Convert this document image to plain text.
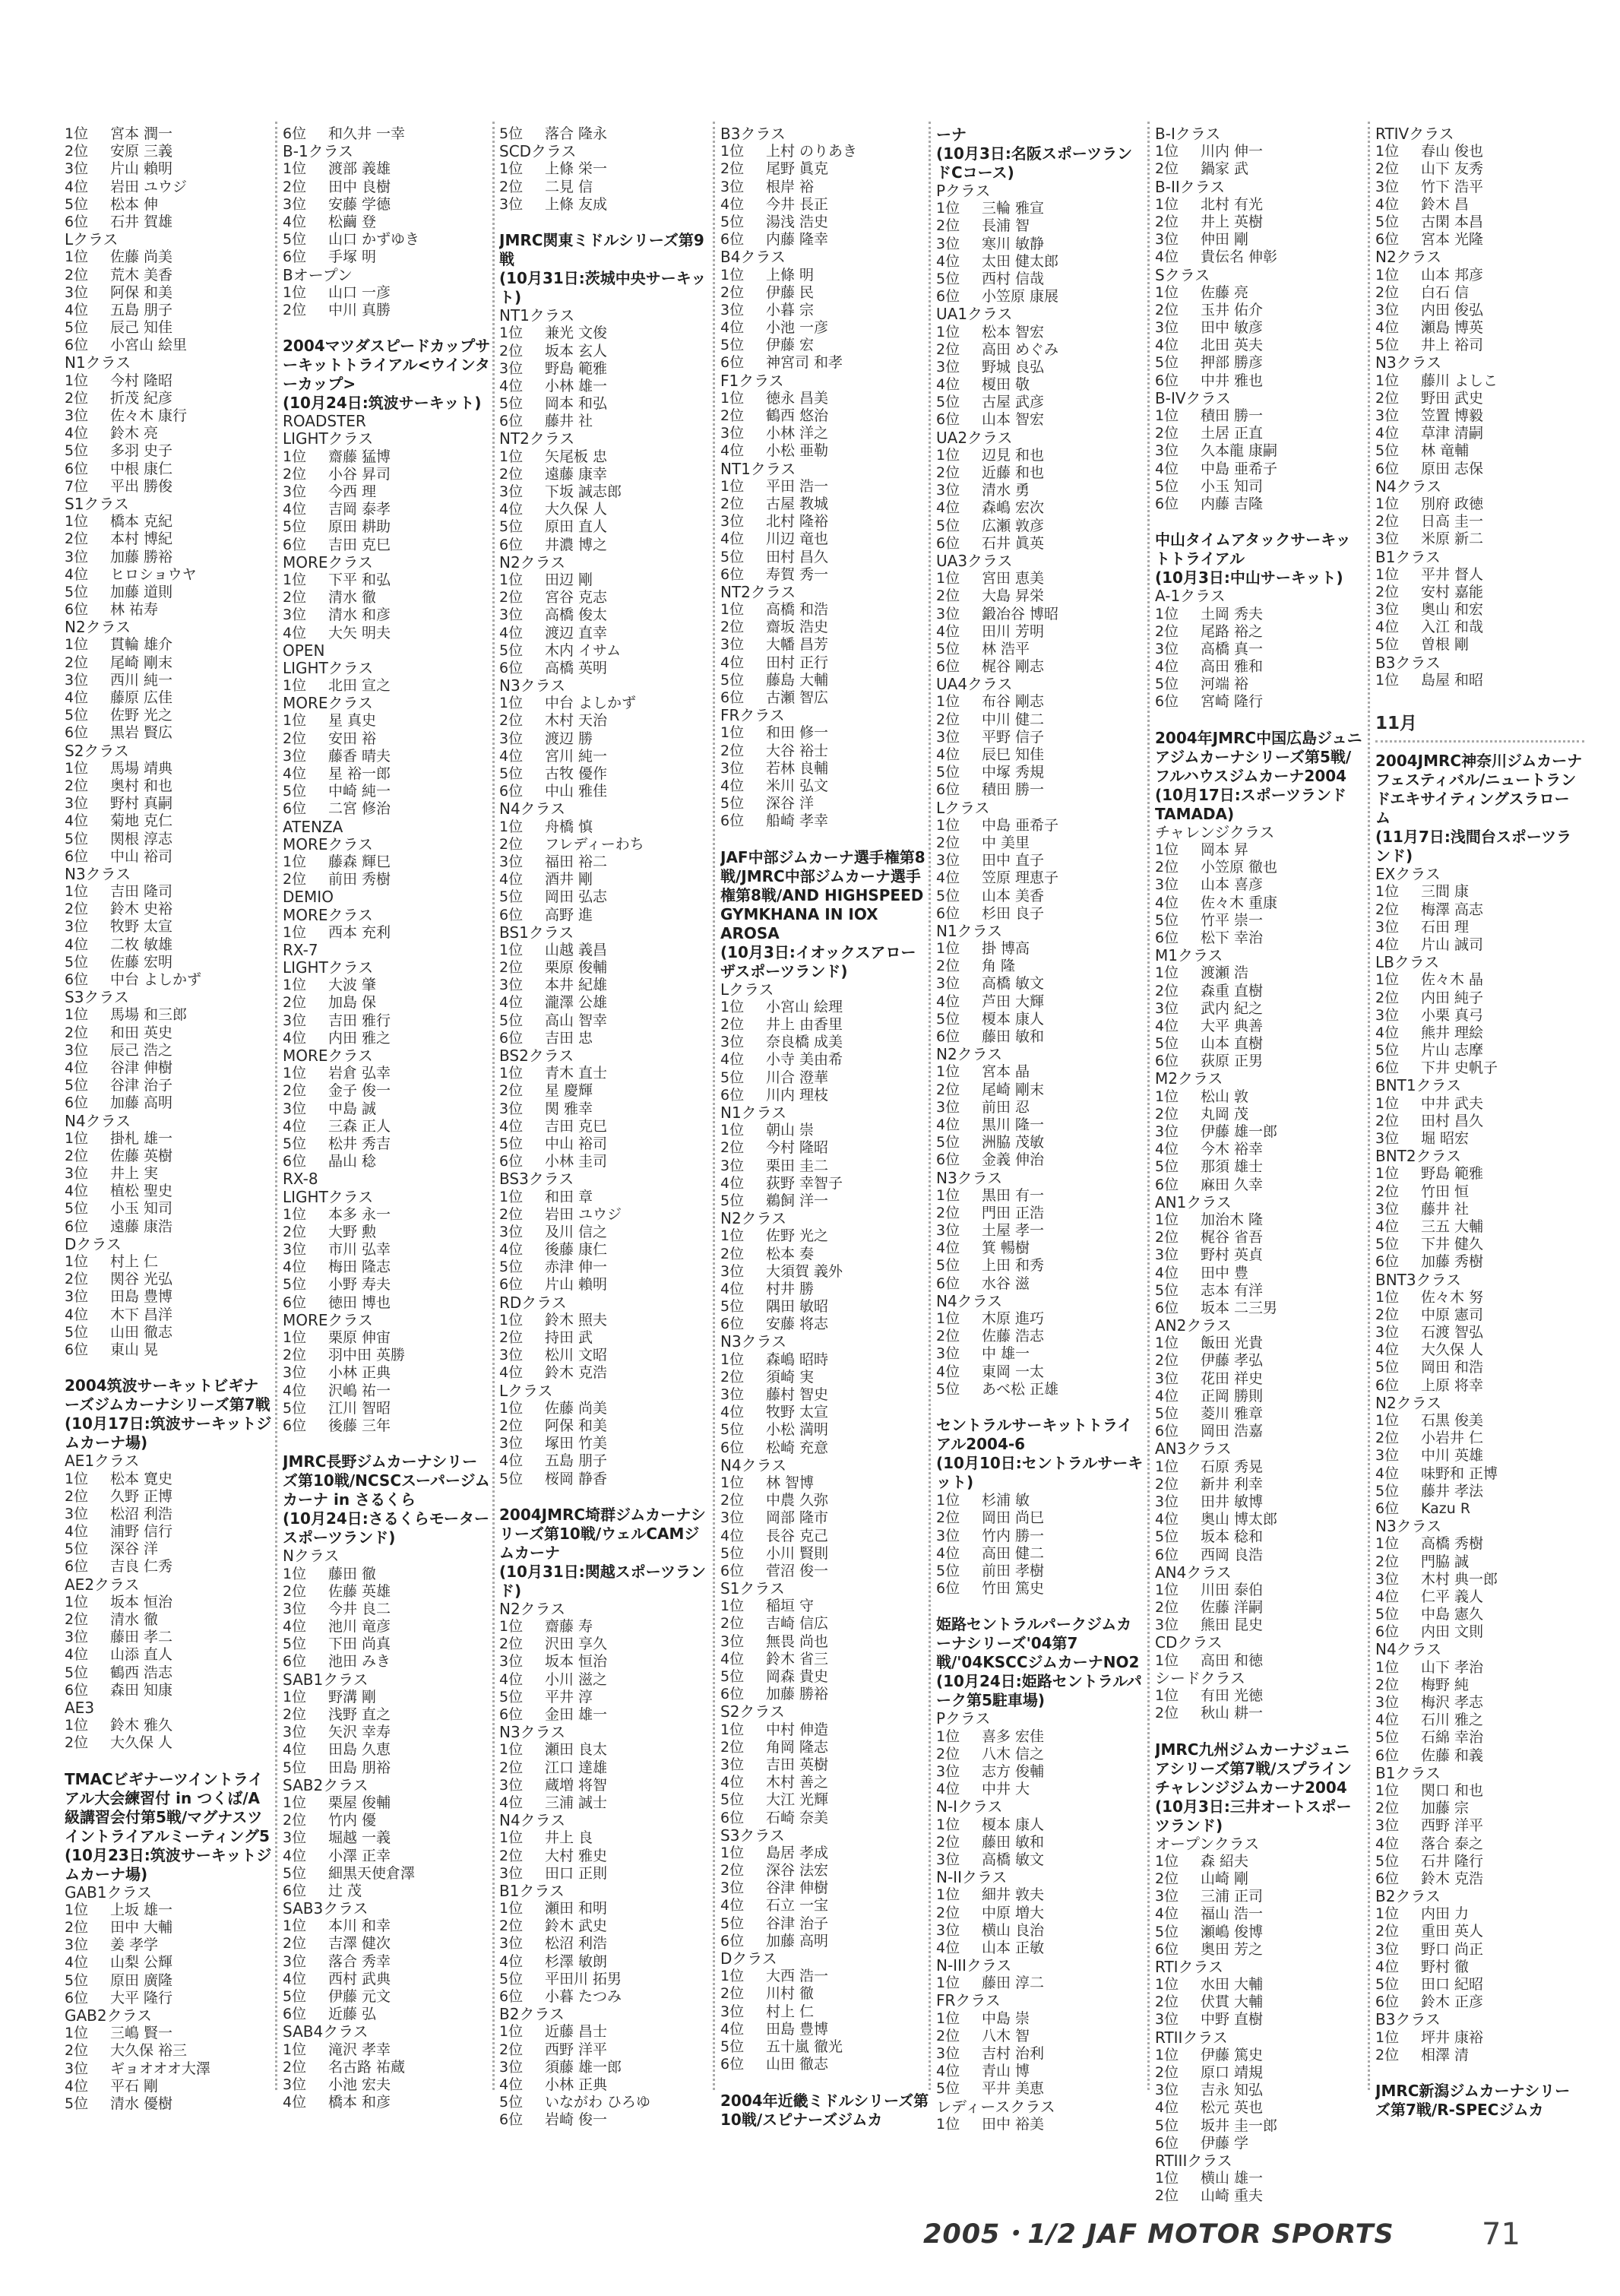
1位 宮本 潤一
2位 安原 三義
3位 片山 賴明
4位 岩田 ユウジ
5位 松本 伸
6位 石井 賀雄
Lクラス
1位 佐藤 尚美
2位 荒木 美香
3位 阿保 和美
4位 五島 朋子
5位 辰己 知佳
6位 小宮山 絵里
N1クラス
1位 今村 隆昭
2位 折茂 紀彦
3位 佐々木 康行
4位 鈴木 亮
5位 多羽 史子
6位 中根 康仁
7位 平出 勝俊
S1クラス
1位 橋本 克紀
2位 本村 博紀
3位 加藤 勝裕
4位 ヒロショウヤ
5位 加藤 道則
6位 林 祐寿
N2クラス
1位 貫輪 雄介
2位 尾崎 剛末
3位 西川 純一
4位 藤原 広佳
5位 佐野 光之
6位 黒岩 賢広
S2クラス
1位 馬場 靖典
2位 奥村 和也
3位 野村 真嗣
4位 菊地 克仁
5位 関根 淳志
6位 中山 裕司
N3クラス
1位 吉田 隆司
2位 鈴木 史裕
3位 牧野 太宣
4位 二枚 敏雄
5位 佐藤 宏明
6位 中台 よしかず
S3クラス
1位 馬場 和三郎
2位 和田 英史
3位 辰己 浩之
4位 谷津 伸樹
5位 谷津 治子
6位 加藤 高明
N4クラス
1位 掛札 雄一
2位 佐藤 英樹
3位 井上 実
4位 植松 聖史
5位 小玉 知司
6位 遠藤 康浩
Dクラス
1位 村上 仁
2位 関谷 光弘
3位 田島 豊博
4位 木下 昌洋
5位 山田 徹志
6位 東山 晃
2004筑波サーキットビギナーズジムカーナシリーズ第7戦
(10月17日:筑波サーキットジムカーナ場)
AE1クラス
1位 松本 寛史
2位 久野 正博
3位 松沼 利浩
4位 浦野 信行
5位 深谷 洋
6位 吉良 仁秀
AE2クラス
1位 坂本 恒治
2位 清水 徹
3位 藤田 孝二
4位 山添 直人
5位 鶴西 浩志
6位 森田 知康
AE3
1位 鈴木 雅久
2位 大久保 人
TMACビギナーツイントライアル大会練習付 in つくば/A級講習会付第5戦/マグナスツイントライアルミーティング5
(10月23日:筑波サーキットジムカーナ場)
GAB1クラス
1位 上坂 雄一
2位 田中 大輔
3位 姜 孝学
4位 山梨 公輝
5位 原田 廣隆
6位 大平 隆行
GAB2クラス
1位 三嶋 賢一
2位 大久保 裕三
3位 ギョオオオ大澤
4位 平石 剛
5位 清水 優樹
6位 和久井 一幸
B-1クラス
1位 渡部 義雄
2位 田中 良樹
3位 安藤 学德
4位 松繭 登
5位 山口 かずゆき
6位 手塚 明
Bオープン
1位 山口 一彦
2位 中川 真勝
2004マツダスピードカップサーキットトライアル<ウインターカップ>
(10月24日:筑波サーキット)
ROADSTER
LIGHTクラス
1位 齋藤 猛博
2位 小谷 昇司
3位 今西 理
4位 吉岡 泰孝
5位 原田 耕助
6位 吉田 克巳
MOREクラス
1位 下平 和弘
2位 清水 徹
3位 清水 和彦
4位 大矢 明夫
OPEN
LIGHTクラス
1位 北田 宣之
MOREクラス
1位 星 真史
2位 安田 裕
3位 藤香 晴夫
4位 星 裕一郎
5位 中崎 純一
6位 二宮 修治
ATENZA
MOREクラス
1位 藤森 輝巳
2位 前田 秀樹
DEMIO
MOREクラス
1位 西本 充利
RX-7
LIGHTクラス
1位 大波 肇
2位 加島 保
3位 吉田 雅行
4位 内田 雅之
MOREクラス
1位 岩倉 弘幸
2位 金子 俊一
3位 中島 誠
4位 三森 正人
5位 松井 秀吉
6位 晶山 稔
RX-8
LIGHTクラス
1位 本多 永一
2位 大野 勲
3位 市川 弘幸
4位 梅田 隆志
5位 小野 寿夫
6位 徳田 博也
MOREクラス
1位 栗原 伸宙
2位 羽中田 英勝
3位 小林 正典
4位 沢嶋 祐一
5位 江川 智昭
6位 後藤 三年
JMRC長野ジムカーナシリーズ第10戦/NCSCスーパージムカーナ in さるくら
(10月24日:さるくらモータースポーツランド)
Nクラス
1位 藤田 徹
2位 佐藤 英雄
3位 今井 良二
4位 池川 竜彦
5位 下田 尚真
6位 池田 みき
SAB1クラス
1位 野溝 剛
2位 浅野 直之
3位 矢沢 幸寿
4位 田島 久恵
5位 田島 朋裕
SAB2クラス
1位 栗屋 俊輔
2位 竹内 優
3位 堀越 一義
4位 小澤 正幸
5位 細黒天使倉澤
6位 辻 茂
SAB3クラス
1位 本川 和幸
2位 吉澤 健次
3位 落合 秀幸
4位 西村 武典
5位 伊藤 元文
6位 近藤 弘
SAB4クラス
1位 滝沢 孝幸
2位 名古路 祐蔵
3位 小池 宏夫
4位 橋本 和彦
5位 落合 隆永
SCDクラス
1位 上條 栄一
2位 二見 信
3位 上條 友成
JMRC関東ミドルシリーズ第9戦
(10月31日:茨城中央サーキット)
NT1クラス
1位 兼光 文俊
2位 坂本 玄人
3位 野島 範雅
4位 小林 雄一
5位 岡本 和弘
6位 藤井 社
NT2クラス
1位 矢尾板 忠
2位 遠藤 康幸
3位 下坂 誠志郎
4位 大久保 人
5位 原田 直人
6位 井濃 博之
N2クラス
1位 田辺 剛
2位 宮谷 克志
3位 高橋 俊太
4位 渡辺 直幸
5位 木内 イサム
6位 高橋 英明
N3クラス
1位 中台 よしかず
2位 木村 天治
3位 渡辺 勝
4位 宮川 純一
5位 古牧 優作
6位 中山 雅佳
N4クラス
1位 舟橋 慎
2位 フレディーわち
3位 福田 裕二
4位 酒井 剛
5位 岡田 弘志
6位 高野 進
BS1クラス
1位 山越 義昌
2位 栗原 俊輔
3位 本井 紀雄
4位 瀧澤 公雄
5位 高山 智幸
6位 吉田 忠
BS2クラス
1位 青木 直士
2位 星 慶輝
3位 関 雅幸
4位 吉田 克巳
5位 中山 裕司
6位 小林 圭司
BS3クラス
1位 和田 章
2位 岩田 ユウジ
3位 及川 信之
4位 後藤 康仁
5位 赤津 伸一
6位 片山 賴明
RDクラス
1位 鈴木 照夫
2位 持田 武
3位 松川 文昭
4位 鈴木 克浩
Lクラス
1位 佐藤 尚美
2位 阿保 和美
3位 塚田 竹美
4位 五島 朋子
5位 桜岡 静香
2004JMRC埼群ジムカーナシリーズ第10戦/ウェルCAMジムカーナ
(10月31日:関越スポーツランド)
N2クラス
1位 齋藤 寿
2位 沢田 享久
3位 坂本 恒治
4位 小川 滋之
5位 平井 淳
6位 金田 雄一
N3クラス
1位 瀬田 良太
2位 江口 達雄
3位 蔵増 将智
4位 三浦 誠士
N4クラス
1位 井上 良
2位 大村 雅史
3位 田口 正則
B1クラス
1位 瀬田 和明
2位 鈴木 武史
3位 松沼 利浩
4位 杉澤 敏朗
5位 平田川 拓男
6位 小暮 たつみ
B2クラス
1位 近藤 昌士
2位 西野 洋平
3位 須藤 雄一郎
4位 小林 正典
5位 いながわ ひろゆ
6位 岩崎 俊一
B3クラス
1位 上村 のりあき
2位 尾野 眞克
3位 根岸 裕
4位 今井 長正
5位 湯浅 浩史
6位 内藤 隆幸
B4クラス
1位 上條 明
2位 伊藤 民
3位 小暮 宗
4位 小池 一彦
5位 伊藤 宏
6位 神宮司 和孝
F1クラス
1位 徳永 昌美
2位 鶴西 悠治
3位 小林 洋之
4位 小松 亜勒
NT1クラス
1位 平田 浩一
2位 古屋 教城
3位 北村 隆裕
4位 川辺 竜也
5位 田村 昌久
6位 寿賀 秀一
NT2クラス
1位 高橋 和浩
2位 齋坂 浩史
3位 大幡 昌芳
4位 田村 正行
5位 藤島 大輔
6位 古瀬 智広
FRクラス
1位 和田 修一
2位 大谷 裕士
3位 若林 良輔
4位 米川 弘文
5位 深谷 洋
6位 船崎 孝幸
JAF中部ジムカーナ選手権第8戦/JMRC中部ジムカーナ選手権第8戦/AND HIGHSPEED GYMKHANA IN IOX AROSA
(10月3日:イオックスアローザスポーツランド)
Lクラス
1位 小宮山 絵理
2位 井上 由香里
3位 奈良橋 成美
4位 小寺 美由希
5位 川合 澄華
6位 川内 理枝
N1クラス
1位 朝山 崇
2位 今村 隆昭
3位 栗田 圭二
4位 荻野 幸智子
5位 鵜飼 洋一
N2クラス
1位 佐野 光之
2位 松本 奏
3位 大須賀 義外
4位 村井 勝
5位 隅田 敏昭
6位 安藤 将志
N3クラス
1位 森嶋 昭時
2位 須崎 実
3位 藤村 智史
4位 牧野 太宣
5位 小松 満明
6位 松崎 充意
N4クラス
1位 林 智博
2位 中農 久弥
3位 岡部 隆市
4位 長谷 克己
5位 小川 賢則
6位 菅沼 俊一
S1クラス
1位 稲垣 守
2位 吉崎 信広
3位 無畏 尚也
4位 鈴木 省三
5位 岡森 貴史
6位 加藤 勝裕
S2クラス
1位 中村 伸造
2位 角岡 隆志
3位 吉田 英樹
4位 木村 善之
5位 大江 光輝
6位 石崎 奈美
S3クラス
1位 島居 孝成
2位 深谷 法宏
3位 谷津 伸樹
4位 石立 一宝
5位 谷津 治子
6位 加藤 高明
Dクラス
1位 大西 浩一
2位 川村 徹
3位 村上 仁
4位 田島 豊博
5位 五十嵐 徹光
6位 山田 徹志
2004年近畿ミドルシリーズ第10戦/スピナーズジムカ
ーナ
(10月3日:名阪スポーツランドCコース)
Pクラス
1位 三輪 雅宣
2位 長浦 智
3位 寒川 敏静
4位 太田 健太郎
5位 西村 信哉
6位 小笠原 康展
UA1クラス
1位 松本 智宏
2位 高田 めぐみ
3位 野城 良弘
4位 榎田 敬
5位 古屋 武彦
6位 山本 智宏
UA2クラス
1位 辺見 和也
2位 近藤 和也
3位 清水 勇
4位 森嶋 宏次
5位 広瀬 敦彦
6位 石井 眞英
UA3クラス
1位 宮田 恵美
2位 大島 昇栄
3位 鍛冶谷 博昭
4位 田川 芳明
5位 林 浩平
6位 梶谷 剛志
UA4クラス
1位 布谷 剛志
2位 中川 健二
3位 平野 信子
4位 辰巳 知佳
5位 中塚 秀規
6位 積田 勝一
Lクラス
1位 中島 亜希子
2位 中 美里
3位 田中 直子
4位 笠原 理恵子
5位 山本 美香
6位 杉田 良子
N1クラス
1位 掛 博高
2位 角 隆
3位 高橋 敏文
4位 芦田 大輝
5位 榎本 康人
6位 藤田 敏和
N2クラス
1位 宮本 晶
2位 尾崎 剛末
3位 前田 忍
4位 黒川 隆一
5位 洲脇 茂敏
6位 金義 伸治
N3クラス
1位 黒田 有一
2位 門田 正浩
3位 土屋 孝一
4位 箕 暢樹
5位 上田 和秀
6位 水谷 滋
N4クラス
1位 木原 進巧
2位 佐藤 浩志
3位 中 雄一
4位 東岡 一太
5位 あべ松 正雄
セントラルサーキットトライアル2004-6
(10月10日:セントラルサーキット)
1位 杉浦 敏
2位 岡田 尚巳
3位 竹内 勝一
4位 高田 健二
5位 前田 孝樹
6位 竹田 篤史
姫路セントラルパークジムカーナシリーズ'04第7戦/'04KSCCジムカーナNO2
(10月24日:姫路セントラルパーク第5駐車場)
Pクラス
1位 喜多 宏佳
2位 八木 信之
3位 志方 俊輔
4位 中井 大
N-Iクラス
1位 榎本 康人
2位 藤田 敏和
3位 高橋 敏文
N-IIクラス
1位 細井 敦夫
2位 中原 増大
3位 横山 良治
4位 山本 正敏
N-IIIクラス
1位 藤田 淳二
FRクラス
1位 中島 崇
2位 八木 智
3位 吉村 治利
4位 青山 博
5位 平井 美恵
レディースクラス
1位 田中 裕美
B-Iクラス
1位 川内 伸一
2位 鍋家 武
B-IIクラス
1位 北村 有光
2位 井上 英樹
3位 仲田 剛
4位 貴伝名 伸彰
Sクラス
1位 佐藤 亮
2位 玉井 佑介
3位 田中 敏彦
4位 北田 英夫
5位 押部 勝彦
6位 中井 雅也
B-IVクラス
1位 積田 勝一
2位 土居 正直
3位 久本龍 康嗣
4位 中島 亜希子
5位 小玉 知司
6位 内藤 吉隆
中山タイムアタックサーキットトライアル
(10月3日:中山サーキット)
A-1クラス
1位 土岡 秀夫
2位 尾路 裕之
3位 高橋 真一
4位 高田 雅和
5位 河端 裕
6位 宮崎 隆行
2004年JMRC中国広島ジュニアジムカーナシリーズ第5戦/フルハウスジムカーナ2004
(10月17日:スポーツランドTAMADA)
チャレンジクラス
1位 岡本 昇
2位 小笠原 徹也
3位 山本 喜彦
4位 佐々木 重康
5位 竹平 崇一
6位 松下 幸治
M1クラス
1位 渡瀬 浩
2位 森重 直樹
3位 武内 紀之
4位 大平 典善
5位 山本 直樹
6位 荻原 正男
M2クラス
1位 松山 敦
2位 丸岡 茂
3位 伊藤 雄一郎
4位 今木 裕幸
5位 那須 雄士
6位 麻田 久幸
AN1クラス
1位 加治木 隆
2位 梶谷 省吾
3位 野村 英貞
4位 田中 豊
5位 志本 有洋
6位 坂本 二三男
AN2クラス
1位 飯田 光貴
2位 伊藤 孝弘
3位 花田 祥史
4位 正岡 勝則
5位 菱川 雅章
6位 岡田 浩嘉
AN3クラス
1位 石原 秀晃
2位 新井 利幸
3位 田井 敏博
4位 奥山 博太郎
5位 坂本 稔和
6位 西岡 良浩
AN4クラス
1位 川田 泰伯
2位 佐藤 洋嗣
3位 熊田 昆史
CDクラス
1位 高田 和徳
シードクラス
1位 有田 光徳
2位 秋山 耕一
JMRC九州ジムカーナジュニアシリーズ第7戦/スプラインチャレンジジムカーナ2004
(10月3日:三井オートスポーツランド)
オープンクラス
1位 森 紹夫
2位 山崎 剛
3位 三浦 正司
4位 福山 浩一
5位 瀬嶋 俊博
6位 奥田 芳之
RTIクラス
1位 水田 大輔
2位 伏貫 大輔
3位 中野 直樹
RTIIクラス
1位 伊藤 篤史
2位 原口 靖規
3位 吉永 知弘
4位 松元 英也
5位 坂井 圭一郎
6位 伊藤 学
RTIIIクラス
1位 横山 雄一
2位 山崎 重夫
RTIVクラス
1位 春山 俊也
2位 山下 友秀
3位 竹下 浩平
4位 鈴木 昌
5位 古閑 本昌
6位 宮本 光隆
N2クラス
1位 山本 邦彦
2位 白石 信
3位 内田 俊弘
4位 瀬島 博英
5位 井上 裕司
N3クラス
1位 藤川 よしこ
2位 野田 武史
3位 笠置 博毅
4位 草津 清嗣
5位 林 竜輔
6位 原田 志保
N4クラス
1位 別府 政徳
2位 日高 圭一
3位 米原 新二
B1クラス
1位 平井 督人
2位 安村 嘉能
3位 奥山 和宏
4位 入江 和哉
5位 曽根 剛
B3クラス
1位 島屋 和昭
11月
2004JMRC神奈川ジムカーナフェスティバル/ニュートランドエキサイティングスラローム
(11月7日:浅間台スポーツランド)
EXクラス
1位 三間 康
2位 梅澤 高志
3位 石田 理
4位 片山 誠司
LBクラス
1位 佐々木 晶
2位 内田 純子
3位 小栗 真弓
4位 熊井 理絵
5位 片山 志摩
6位 下井 史帆子
BNT1クラス
1位 中井 武夫
2位 田村 昌久
3位 堀 昭宏
BNT2クラス
1位 野島 範雅
2位 竹田 恒
3位 藤井 社
4位 三五 大輔
5位 下井 健久
6位 加藤 秀樹
BNT3クラス
1位 佐々木 努
2位 中原 憲司
3位 石渡 智弘
4位 大久保 人
5位 岡田 和浩
6位 上原 将幸
N2クラス
1位 石黒 俊美
2位 小岩井 仁
3位 中川 英雄
4位 味野和 正博
5位 藤井 孝法
6位 Kazu R
N3クラス
1位 高橋 秀樹
2位 門脇 誠
3位 木村 典一郎
4位 仁平 義人
5位 中島 憲久
6位 内田 文則
N4クラス
1位 山下 孝治
2位 梅野 純
3位 梅沢 孝志
4位 石川 雅之
5位 石綿 幸治
6位 佐藤 和義
B1クラス
1位 関口 和也
2位 加藤 宗
3位 西野 洋平
4位 落合 泰之
5位 石井 隆行
6位 鈴木 克浩
B2クラス
1位 内田 力
2位 重田 英人
3位 野口 尚正
4位 野村 徹
5位 田口 紀昭
6位 鈴木 正彦
B3クラス
1位 坪井 康裕
2位 相澤 清
JMRC新潟ジムカーナシリーズ第7戦/R-SPECジムカ
2005・1/2 JAF MOTOR SPORTS	71
